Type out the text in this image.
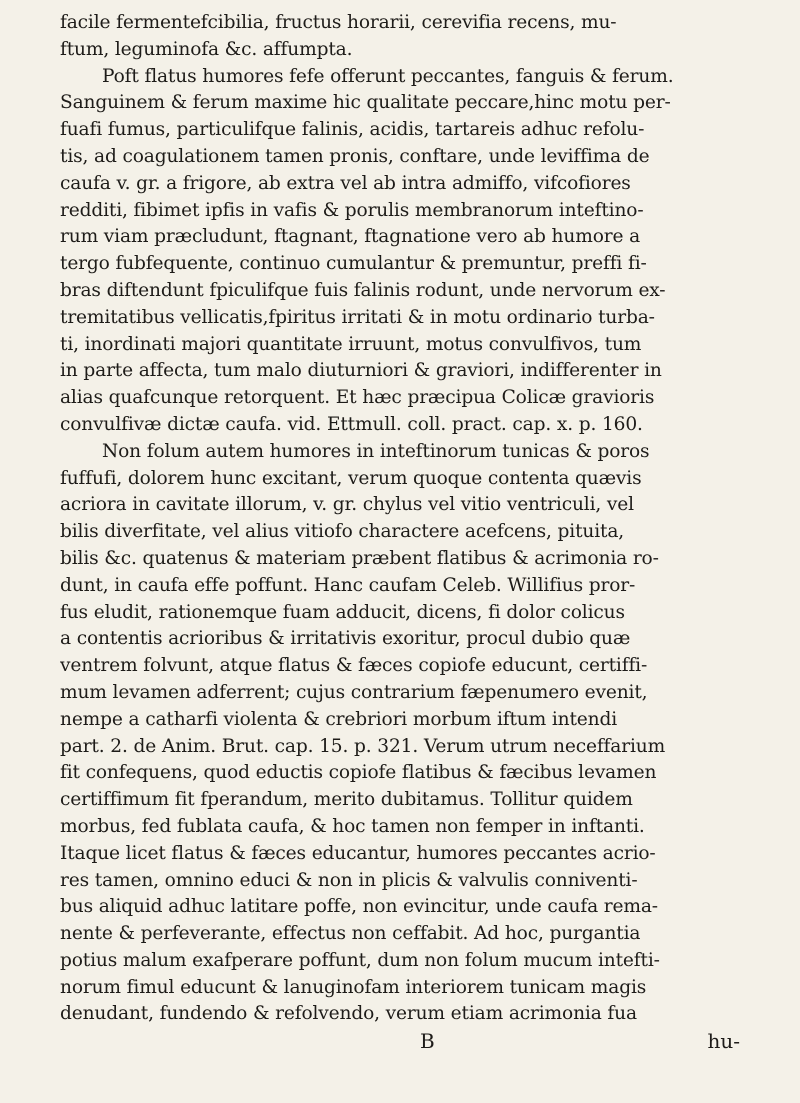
facile fermentefcibilia, fructus horarii, cerevifia recens, mu-
ftum, leguminofa &c. affumpta.
Poft flatus humores fefe offerunt peccantes, fanguis & ferum.
Sanguinem & ferum maxime hic qualitate peccare,hinc motu per-
fuafi fumus, particulifque falinis, acidis, tartareis adhuc refolu-
tis, ad coagulationem tamen pronis, conftare, unde leviffima de
caufa v. gr. a frigore, ab extra vel ab intra admiffo, vifcofiores
redditi, fibimet ipfis in vafis & porulis membranorum inteftino-
rum viam præcludunt, ftagnant, ftagnatione vero ab humore a
tergo fubfequente, continuo cumulantur & premuntur, preffi fi-
bras diftendunt fpiculifque fuis falinis rodunt, unde nervorum ex-
tremitatibus vellicatis,fpiritus irritati & in motu ordinario turba-
ti, inordinati majori quantitate irruunt, motus convulfivos, tum
in parte affecta, tum malo diuturniori & graviori, indifferenter in
alias quafcunque retorquent. Et hæc præcipua Colicæ gravioris
convulfivæ dictæ caufa. vid. Ettmull. coll. pract. cap. x. p. 160.
Non folum autem humores in inteftinorum tunicas & poros
fuffufi, dolorem hunc excitant, verum quoque contenta quævis
acriora in cavitate illorum, v. gr. chylus vel vitio ventriculi, vel
bilis diverfitate, vel alius vitiofo charactere acefcens, pituita,
bilis &c. quatenus & materiam præbent flatibus & acrimonia ro-
dunt, in caufa effe poffunt. Hanc caufam Celeb. Willifius pror-
fus eludit, rationemque fuam adducit, dicens, fi dolor colicus
a contentis acrioribus & irritativis exoritur, procul dubio quæ
ventrem folvunt, atque flatus & fæces copiofe educunt, certiffi-
mum levamen adferrent; cujus contrarium fæpenumero evenit,
nempe a catharfi violenta & crebriori morbum iftum intendi
part. 2. de Anim. Brut. cap. 15. p. 321. Verum utrum neceffarium
fit confequens, quod eductis copiofe flatibus & fæcibus levamen
certiffimum fit fperandum, merito dubitamus. Tollitur quidem
morbus, fed fublata caufa, & hoc tamen non femper in inftanti.
Itaque licet flatus & fæces educantur, humores peccantes acrio-
res tamen, omnino educi & non in plicis & valvulis conniventi-
bus aliquid adhuc latitare poffe, non evincitur, unde caufa rema-
nente & perfeverante, effectus non ceffabit. Ad hoc, purgantia
potius malum exafperare poffunt, dum non folum mucum intefti-
norum fimul educunt & lanuginofam interiorem tunicam magis
denudant, fundendo & refolvendo, verum etiam acrimonia fua
B	hu-
